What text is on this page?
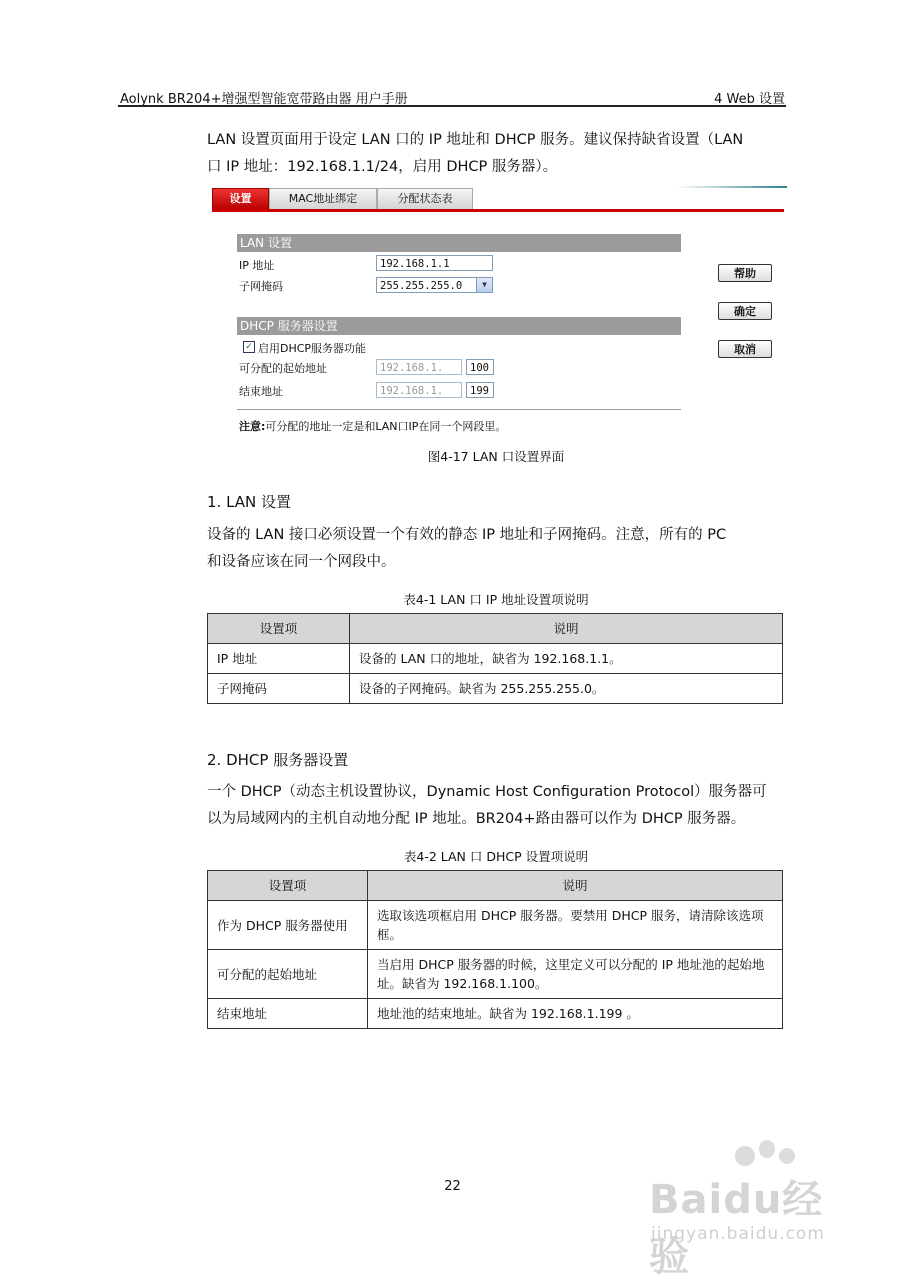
Aolynk BR204+增强型智能宽带路由器 用户手册	4 Web 设置
LAN 设置页面用于设定 LAN 口的 IP 地址和 DHCP 服务。建议保持缺省设置（LAN
口 IP 地址：192.168.1.1/24，启用 DHCP 服务器）。
设置	MAC地址绑定	分配状态表
LAN 设置
IP 地址	192.168.1.1
子网掩码	255.255.255.0	▼
DHCP 服务器设置
✓ 启用DHCP服务器功能
可分配的起始地址	192.168.1.	100
结束地址	192.168.1.	199
注意:可分配的地址一定是和LAN口IP在同一个网段里。
帮助
确定
取消
图4-17 LAN 口设置界面
1. LAN 设置
设备的 LAN 接口必须设置一个有效的静态 IP 地址和子网掩码。注意，所有的 PC
和设备应该在同一个网段中。
表4-1 LAN 口 IP 地址设置项说明
设置项	说明
IP 地址	设备的 LAN 口的地址，缺省为 192.168.1.1。
子网掩码	设备的子网掩码。缺省为 255.255.255.0。
2. DHCP 服务器设置
一个 DHCP（动态主机设置协议，Dynamic Host Configuration Protocol）服务器可
以为局域网内的主机自动地分配 IP 地址。BR204+路由器可以作为 DHCP 服务器。
表4-2 LAN 口 DHCP 设置项说明
设置项	说明
作为 DHCP 服务器使用	选取该选项框启用 DHCP 服务器。要禁用 DHCP 服务，请清除该选项框。
可分配的起始地址	当启用 DHCP 服务器的时候，这里定义可以分配的 IP 地址池的起始地址。缺省为 192.168.1.100。
结束地址	地址池的结束地址。缺省为 192.168.1.199 。
22	Baidu经验
jingyan.baidu.com
